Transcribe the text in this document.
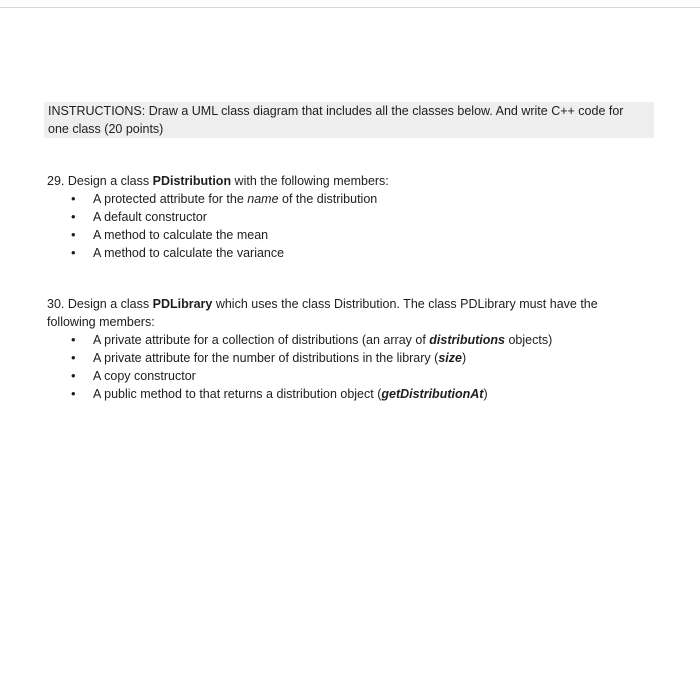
INSTRUCTIONS: Draw a UML class diagram that includes all the classes below. And write C++ code for

one class (20 points)

29. Design a class PDistribution with the following members:

• A protected attribute for the name of the distribution
• A default constructor
• A method to calculate the mean
• A method to calculate the variance

30. Design a class PDLibrary which uses the class Distribution. The class PDLibrary must have the

following members:

• A private attribute for a collection of distributions (an array of distributions objects)
• A private attribute for the number of distributions in the library (size)
• A copy constructor
• A public method to that returns a distribution object (getDistributionAt)
